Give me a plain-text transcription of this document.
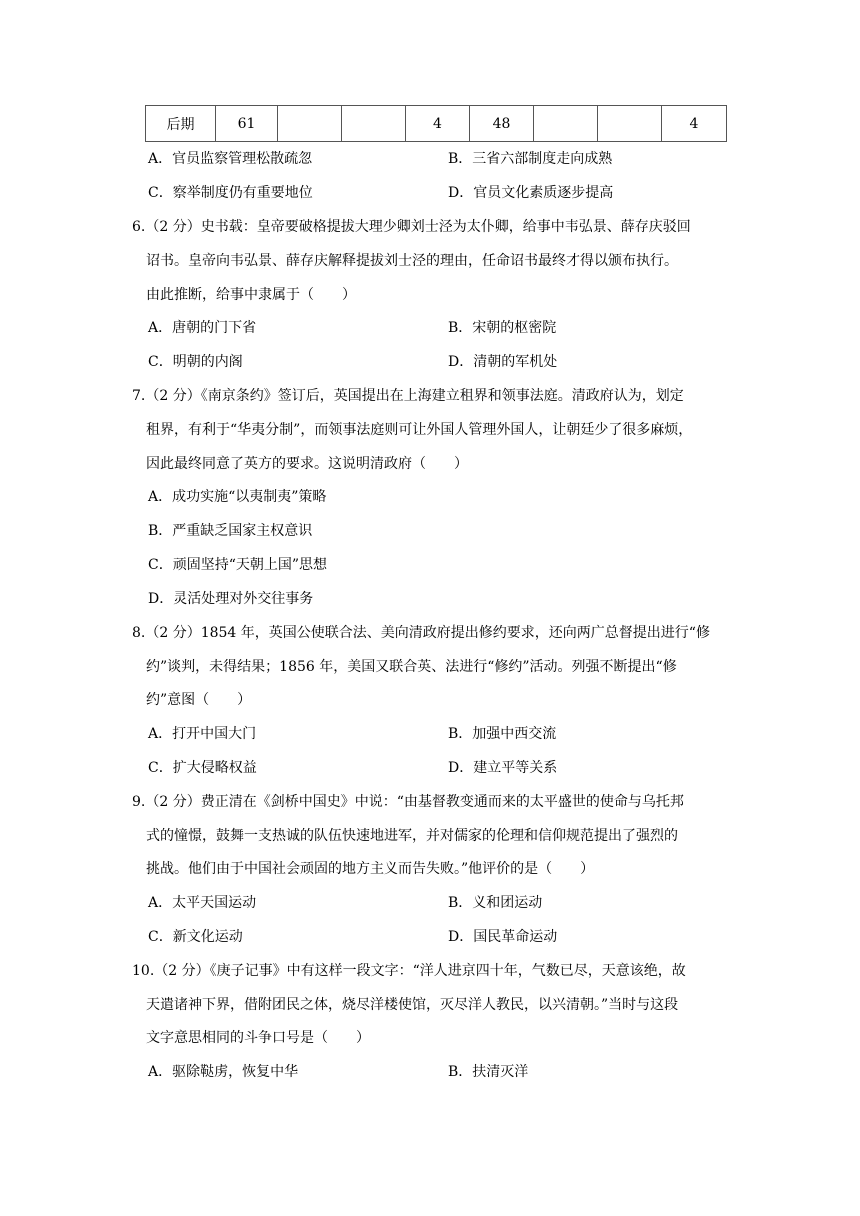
后期	61			4	48			4
A．官员监察管理松散疏忽	B．三省六部制度走向成熟
C．察举制度仍有重要地位	D．官员文化素质逐步提高
6.（2 分）史书载：皇帝要破格提拔大理少卿刘士泾为太仆卿，给事中韦弘景、薛存庆驳回
诏书。皇帝向韦弘景、薛存庆解释提拔刘士泾的理由，任命诏书最终才得以颁布执行。
由此推断，给事中隶属于（　　）
A．唐朝的门下省	B．宋朝的枢密院
C．明朝的内阁	D．清朝的军机处
7.（2 分）《南京条约》签订后，英国提出在上海建立租界和领事法庭。清政府认为，划定
租界，有利于“华夷分制”，而领事法庭则可让外国人管理外国人，让朝廷少了很多麻烦，
因此最终同意了英方的要求。这说明清政府（　　）
A．成功实施“以夷制夷”策略
B．严重缺乏国家主权意识
C．顽固坚持“天朝上国”思想
D．灵活处理对外交往事务
8.（2 分）1854 年，英国公使联合法、美向清政府提出修约要求，还向两广总督提出进行“修
约”谈判，未得结果；1856 年，美国又联合英、法进行“修约”活动。列强不断提出“修
约”意图（　　）
A．打开中国大门	B．加强中西交流
C．扩大侵略权益	D．建立平等关系
9.（2 分）费正清在《剑桥中国史》中说：“由基督教变通而来的太平盛世的使命与乌托邦
式的憧憬，鼓舞一支热诚的队伍快速地进军，并对儒家的伦理和信仰规范提出了强烈的
挑战。他们由于中国社会顽固的地方主义而告失败。”他评价的是（　　）
A．太平天国运动	B．义和团运动
C．新文化运动	D．国民革命运动
10.（2 分）《庚子记事》中有这样一段文字：“洋人进京四十年，气数已尽，天意该绝，故
天遣诸神下界，借附团民之体，烧尽洋楼使馆，灭尽洋人教民，以兴清朝。”当时与这段
文字意思相同的斗争口号是（　　）
A．驱除鞑虏，恢复中华	B．扶清灭洋
